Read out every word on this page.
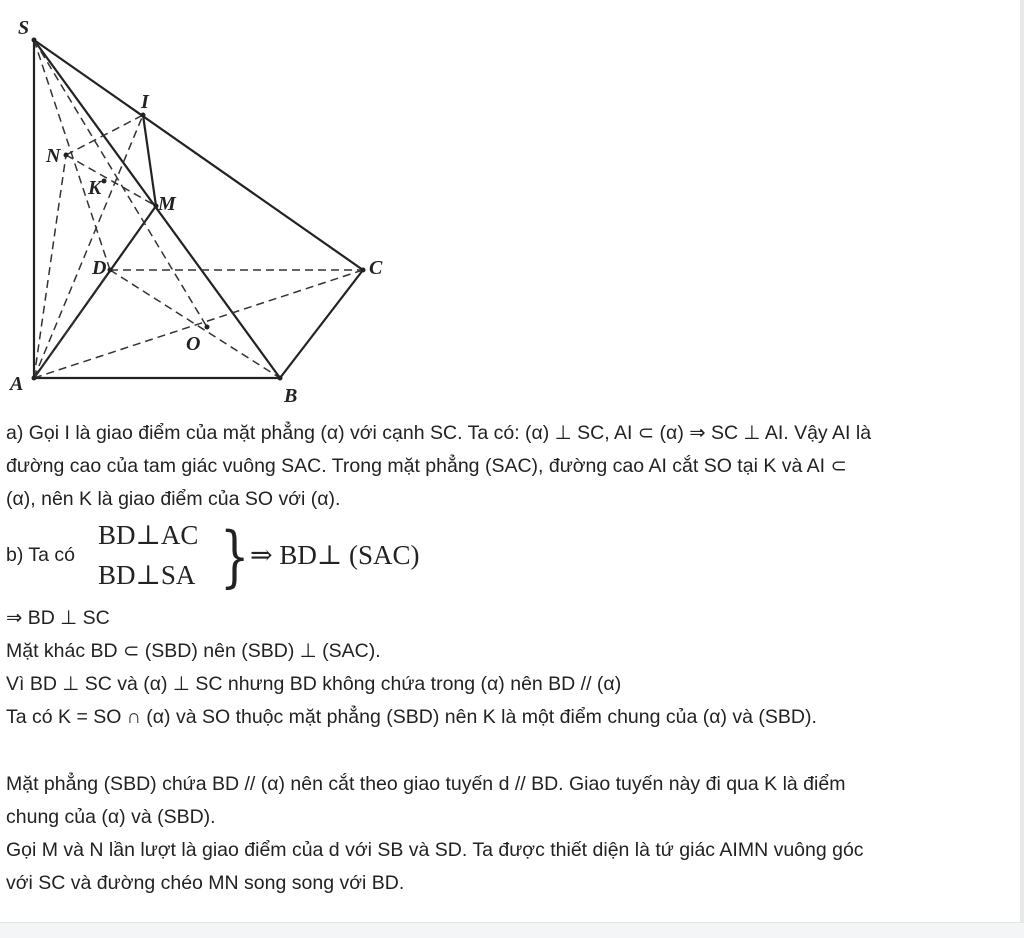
S
I
N
K
M
D	C
O
A
B
a) Gọi I là giao điểm của mặt phẳng (α) với cạnh SC. Ta có: (α) ⊥ SC, AI ⊂ (α) ⇒ SC ⊥ AI. Vậy AI là
đường cao của tam giác vuông SAC. Trong mặt phẳng (SAC), đường cao AI cắt SO tại K và AI ⊂
(α), nên K là giao điểm của SO với (α).
b) Ta có
BD⊥AC
BD⊥SA } ⇒ BD⊥ (SAC)
⇒ BD ⊥ SC
Mặt khác BD ⊂ (SBD) nên (SBD) ⊥ (SAC).
Vì BD ⊥ SC và (α) ⊥ SC nhưng BD không chứa trong (α) nên BD // (α)
Ta có K = SO ∩ (α) và SO thuộc mặt phẳng (SBD) nên K là một điểm chung của (α) và (SBD).
Mặt phẳng (SBD) chứa BD // (α) nên cắt theo giao tuyến d // BD. Giao tuyến này đi qua K là điểm
chung của (α) và (SBD).
Gọi M và N lần lượt là giao điểm của d với SB và SD. Ta được thiết diện là tứ giác AIMN vuông góc
với SC và đường chéo MN song song với BD.
